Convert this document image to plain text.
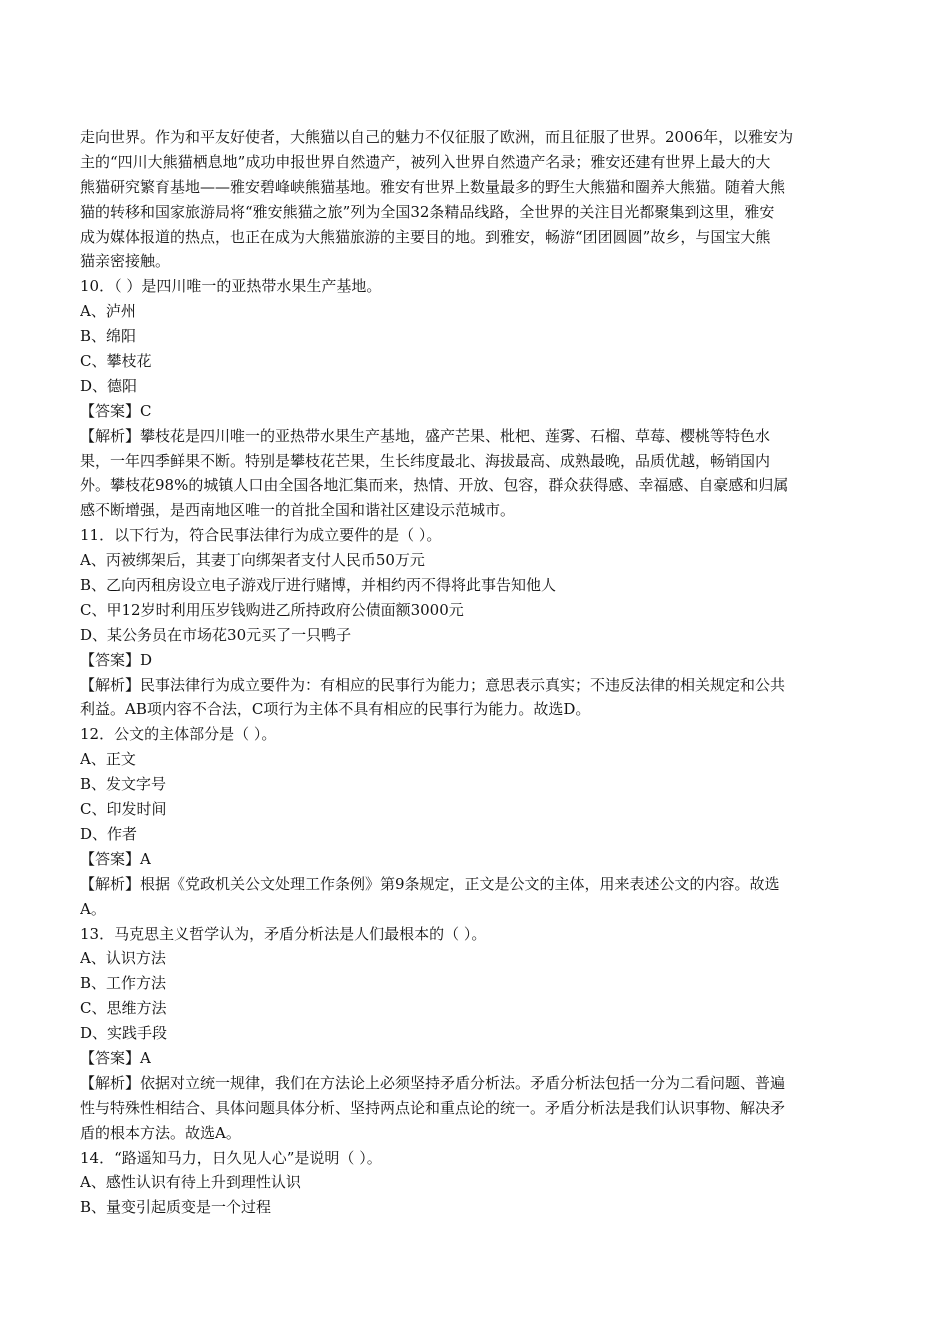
走向世界。作为和平友好使者，大熊猫以自己的魅力不仅征服了欧洲，而且征服了世界。2006年，以雅安为
主的“四川大熊猫栖息地”成功申报世界自然遗产，被列入世界自然遗产名录；雅安还建有世界上最大的大
熊猫研究繁育基地——雅安碧峰峡熊猫基地。雅安有世界上数量最多的野生大熊猫和圈养大熊猫。随着大熊
猫的转移和国家旅游局将“雅安熊猫之旅”列为全国32条精品线路，全世界的关注目光都聚集到这里，雅安
成为媒体报道的热点，也正在成为大熊猫旅游的主要目的地。到雅安，畅游“团团圆圆”故乡，与国宝大熊
猫亲密接触。
10．（ ）是四川唯一的亚热带水果生产基地。
A、泸州
B、绵阳
C、攀枝花
D、德阳
【答案】C
【解析】攀枝花是四川唯一的亚热带水果生产基地，盛产芒果、枇杷、莲雾、石榴、草莓、樱桃等特色水
果，一年四季鲜果不断。特别是攀枝花芒果，生长纬度最北、海拔最高、成熟最晚，品质优越，畅销国内
外。攀枝花98%的城镇人口由全国各地汇集而来，热情、开放、包容，群众获得感、幸福感、自豪感和归属
感不断增强，是西南地区唯一的首批全国和谐社区建设示范城市。
11．以下行为，符合民事法律行为成立要件的是（ ）。
A、丙被绑架后，其妻丁向绑架者支付人民币50万元
B、乙向丙租房设立电子游戏厅进行赌博，并相约丙不得将此事告知他人
C、甲12岁时利用压岁钱购进乙所持政府公债面额3000元
D、某公务员在市场花30元买了一只鸭子
【答案】D
【解析】民事法律行为成立要件为：有相应的民事行为能力；意思表示真实；不违反法律的相关规定和公共
利益。AB项内容不合法，C项行为主体不具有相应的民事行为能力。故选D。
12．公文的主体部分是（ ）。
A、正文
B、发文字号
C、印发时间
D、作者
【答案】A
【解析】根据《党政机关公文处理工作条例》第9条规定，正文是公文的主体，用来表述公文的内容。故选
A。
13．马克思主义哲学认为，矛盾分析法是人们最根本的（ ）。
A、认识方法
B、工作方法
C、思维方法
D、实践手段
【答案】A
【解析】依据对立统一规律，我们在方法论上必须坚持矛盾分析法。矛盾分析法包括一分为二看问题、普遍
性与特殊性相结合、具体问题具体分析、坚持两点论和重点论的统一。矛盾分析法是我们认识事物、解决矛
盾的根本方法。故选A。
14．“路遥知马力，日久见人心”是说明（ ）。
A、感性认识有待上升到理性认识
B、量变引起质变是一个过程
